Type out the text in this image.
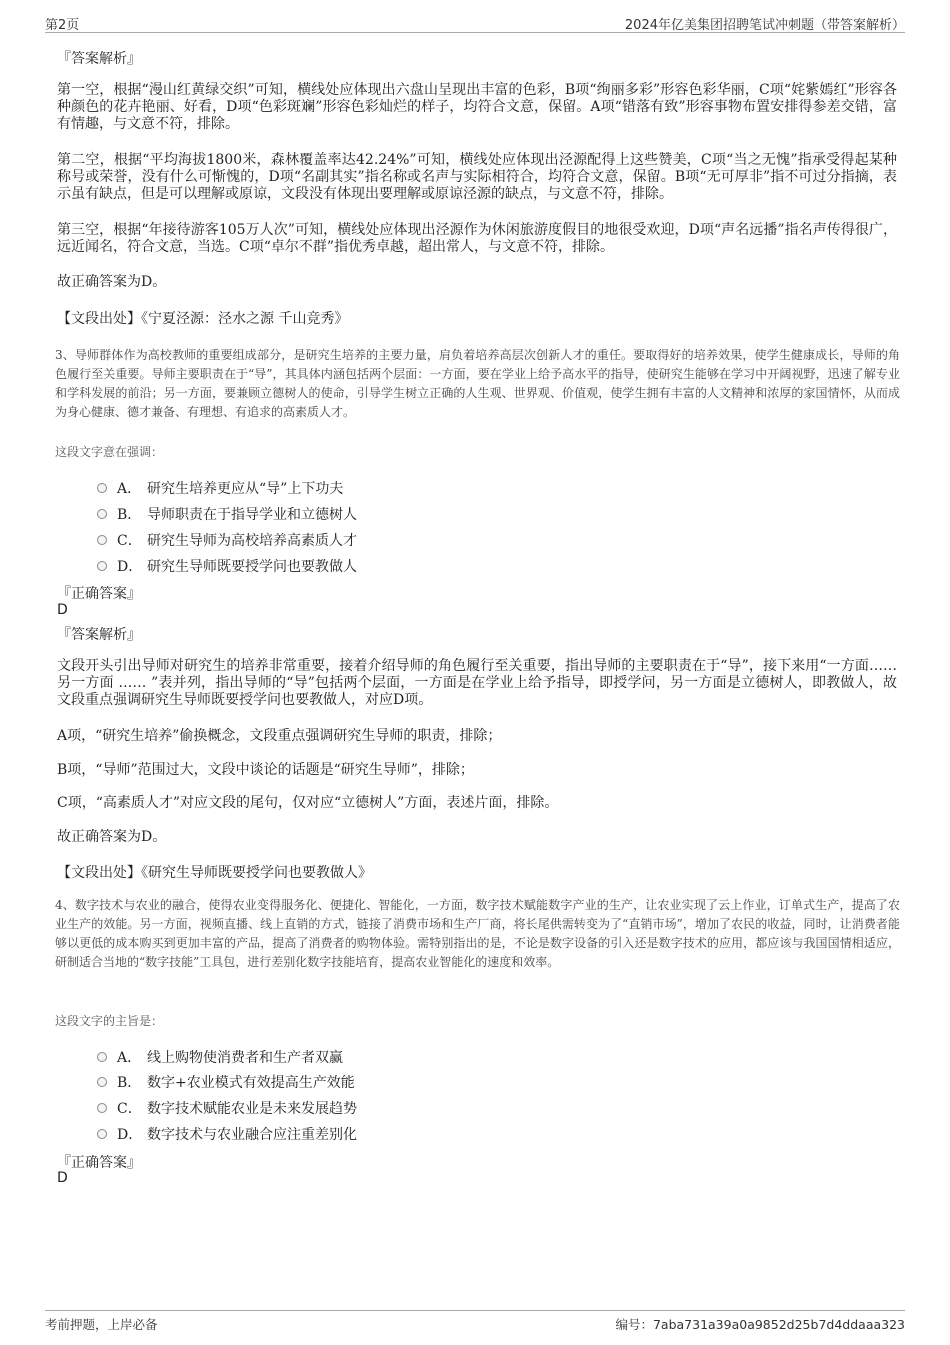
第2页	2024年亿美集团招聘笔试冲刺题（带答案解析）
『答案解析』
第一空，根据“漫山红黄绿交织”可知，横线处应体现出六盘山呈现出丰富的色彩，B项“绚丽多彩”形容色彩华丽，C项“姹紫嫣红”形容各种颜色的花卉艳丽、好看，D项“色彩斑斓”形容色彩灿烂的样子，均符合文意，保留。A项“错落有致”形容事物布置安排得参差交错，富有情趣，与文意不符，排除。
第二空，根据“平均海拔1800米，森林覆盖率达42.24%”可知，横线处应体现出泾源配得上这些赞美，C项“当之无愧”指承受得起某种称号或荣誉，没有什么可惭愧的，D项“名副其实”指名称或名声与实际相符合，均符合文意，保留。B项“无可厚非”指不可过分指摘，表示虽有缺点，但是可以理解或原谅，文段没有体现出要理解或原谅泾源的缺点，与文意不符，排除。
第三空，根据“年接待游客105万人次”可知，横线处应体现出泾源作为休闲旅游度假目的地很受欢迎，D项“声名远播”指名声传得很广，远近闻名，符合文意，当选。C项“卓尔不群”指优秀卓越，超出常人，与文意不符，排除。
故正确答案为D。
【文段出处】《宁夏泾源：泾水之源 千山竞秀》
3、导师群体作为高校教师的重要组成部分，是研究生培养的主要力量，肩负着培养高层次创新人才的重任。要取得好的培养效果，使学生健康成长，导师的角色履行至关重要。导师主要职责在于“导”，其具体内涵包括两个层面：一方面，要在学业上给予高水平的指导，使研究生能够在学习中开阔视野，迅速了解专业和学科发展的前沿；另一方面，要兼顾立德树人的使命，引导学生树立正确的人生观、世界观、价值观，使学生拥有丰富的人文精神和浓厚的家国情怀，从而成为身心健康、德才兼备、有理想、有追求的高素质人才。
这段文字意在强调：
A． 研究生培养更应从“导”上下功夫
B． 导师职责在于指导学业和立德树人
C． 研究生导师为高校培养高素质人才
D． 研究生导师既要授学问也要教做人
『正确答案』
D
『答案解析』
文段开头引出导师对研究生的培养非常重要，接着介绍导师的角色履行至关重要，指出导师的主要职责在于“导”，接下来用“一方面……另一方面 …… ”表并列，指出导师的“导”包括两个层面，一方面是在学业上给予指导，即授学问，另一方面是立德树人，即教做人，故文段重点强调研究生导师既要授学问也要教做人，对应D项。
A项，“研究生培养”偷换概念，文段重点强调研究生导师的职责，排除；
B项，“导师”范围过大，文段中谈论的话题是“研究生导师”，排除；
C项，“高素质人才”对应文段的尾句，仅对应“立德树人”方面，表述片面，排除。
故正确答案为D。
【文段出处】《研究生导师既要授学问也要教做人》
4、数字技术与农业的融合，使得农业变得服务化、便捷化、智能化，一方面，数字技术赋能数字产业的生产，让农业实现了云上作业，订单式生产，提高了农业生产的效能。另一方面，视频直播、线上直销的方式，链接了消费市场和生产厂商，将长尾供需转变为了“直销市场”，增加了农民的收益，同时，让消费者能够以更低的成本购买到更加丰富的产品，提高了消费者的购物体验。需特别指出的是，不论是数字设备的引入还是数字技术的应用，都应该与我国国情相适应，研制适合当地的“数字技能”工具包，进行差别化数字技能培育，提高农业智能化的速度和效率。
这段文字的主旨是：
A． 线上购物使消费者和生产者双赢
B． 数字+农业模式有效提高生产效能
C． 数字技术赋能农业是未来发展趋势
D． 数字技术与农业融合应注重差别化
『正确答案』
D
考前押题，上岸必备	编号：7aba731a39a0a9852d25b7d4ddaaa323
